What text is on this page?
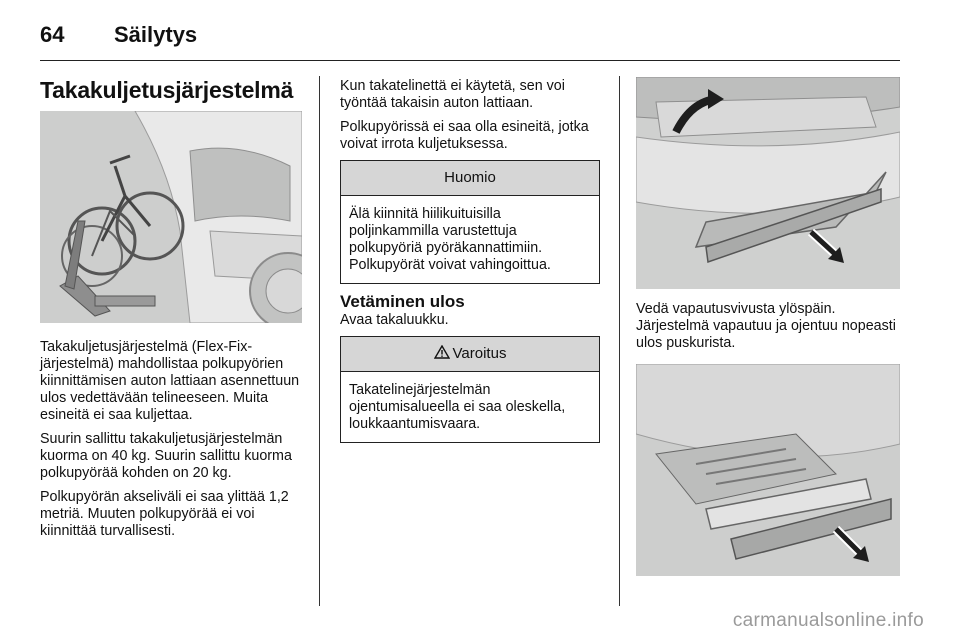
64 Säilytys
Takakuljetusjärjestelmä

Takakuljetusjärjestelmä (Flex-Fix-järjestelmä) mahdollistaa polkupyörien kiinnittämisen auton lattiaan asennettuun ulos vedettävään telineeseen. Muita esineitä ei saa kuljettaa.

Suurin sallittu takakuljetusjärjestelmän kuorma on 40 kg. Suurin sallittu kuorma polkupyörää kohden on 20 kg.

Polkupyörän akseliväli ei saa ylittää 1,2 metriä. Muuten polkupyörää ei voi kiinnittää turvallisesti.

Kun takatelinettä ei käytetä, sen voi työntää takaisin auton lattiaan.

Polkupyörissä ei saa olla esineitä, jotka voivat irrota kuljetuksessa.

Huomio
Älä kiinnitä hiilikuituisilla poljinkammilla varustettuja polkupyöriä pyöräkannattimiin. Polkupyörät voivat vahingoittua.
Vetäminen ulos

Avaa takaluukku.

Varoitus
Takatelinejärjestelmän ojentumisalueella ei saa oleskella, loukkaantumisvaara.

Vedä vapautusvivusta ylöspäin. Järjestelmä vapautuu ja ojentuu nopeasti ulos puskurista.

carmanualsonline.info
